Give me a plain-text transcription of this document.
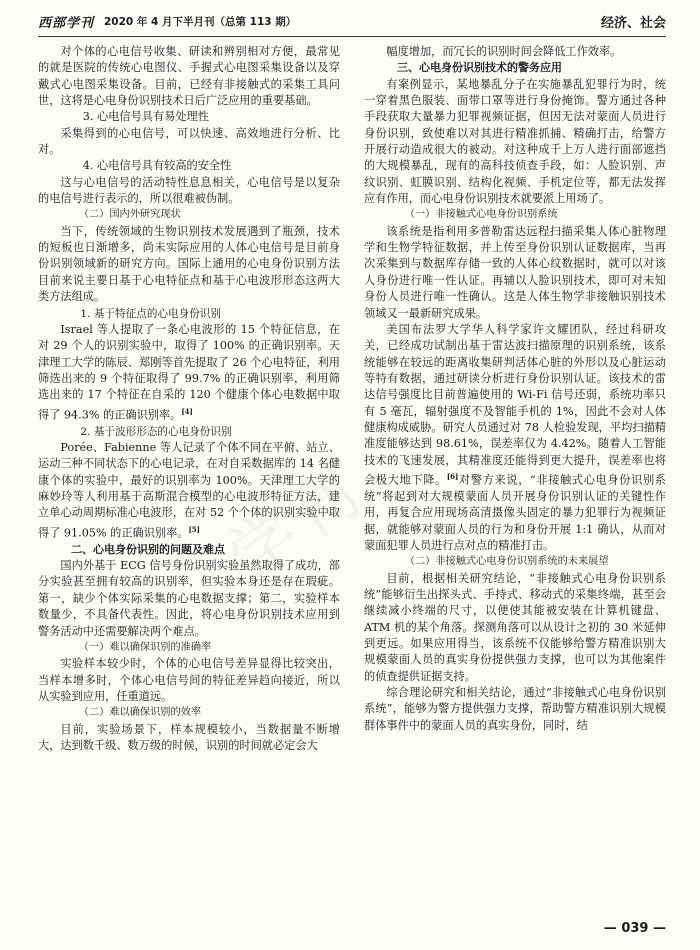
西部学刊 2020 年 4 月下半月刊（总第 113 期）	经济、社会

对个体的心电信号收集、研读和辨别相对方便，最常见的就是医院的传统心电图仪、手握式心电图采集设备以及穿戴式心电图采集设备。目前，已经有非接触式的采集工具问世，这将是心电身份识别技术日后广泛应用的重要基础。

3. 心电信号具有易处理性

采集得到的心电信号，可以快速、高效地进行分析、比对。

4. 心电信号具有较高的安全性

这与心电信号的活动特性息息相关，心电信号是以复杂的电信号进行表示的，所以很难被伪制。

（二）国内外研究现状

当下，传统领域的生物识别技术发展遇到了瓶颈，技术的短板也日渐增多，尚未实际应用的人体心电信号是目前身份识别领域新的研究方向。国际上通用的心电身份识别方法目前来说主要日基于心电特征点和基于心电波形形态这两大类方法组成。

1. 基于特征点的心电身份识别

Israel 等人提取了一条心电波形的 15 个特征信息，在对 29 个人的识别实验中，取得了 100% 的正确识别率。天津理工大学的陈辰、郑刚等首先提取了 26 个心电特征，利用筛选出来的 9 个特征取得了 99.7% 的正确识别率，利用筛选出来的 17 个特征在自采的 120 个健康个体心电数据中取得了 94.3% 的正确识别率。[4]

2. 基于波形形态的心电身份识别

Porée、Fabienne 等人记录了个体不同在平俯、站立、运动三种不同状态下的心电记录，在对自采数据库的 14 名健康个体的实验中，最好的识别率为 100%。天津理工大学的麻妙玲等人利用基于高斯混合模型的心电波形特征方法，建立单心动周期标准心电波形，在对 52 个个体的识别实验中取得了 91.05% 的正确识别率。[5]

二、心电身份识别的问题及难点

国内外基于 ECG 信号身份识别实验虽然取得了成功，部分实验甚至拥有较高的识别率，但实验本身还是存在瑕疵。第一，缺少个体实际采集的心电数据支撑；第二，实验样本数量少，不具备代表性。因此，将心电身份识别技术应用到警务活动中还需要解决两个难点。

（一）难以确保识别的准确率

实验样本较少时，个体的心电信号差异显得比较突出，当样本增多时，个体心电信号间的特征差异趋向接近，所以从实验到应用，任重道远。

（二）难以确保识别的效率

目前，实验场景下，样本规模较小，当数据量不断增大，达到数千级、数万级的时候，识别的时间就必定会大

幅度增加，而冗长的识别时间会降低工作效率。

三、心电身份识别技术的警务应用

有案例显示，某地暴乱分子在实施暴乱犯罪行为时，统一穿着黑色服装、面带口罩等进行身份掩饰。警方通过各种手段获取大量暴力犯罪视频证据，但因无法对蒙面人员进行身份识别，致使难以对其进行精准抓捕、精确打击，给警方开展行动造成很大的被动。对这种成千上万人进行面部遮挡的大规模暴乱，现有的高科技侦查手段，如：人脸识别、声纹识别、虹膜识别、结构化视频、手机定位等，都无法发挥应有作用，而心电身份识别技术就要派上用场了。

（一）非接触式心电身份识别系统

该系统是指利用多普勒雷达远程扫描采集人体心脏物理学和生物学特征数据，并上传至身份识别认证数据库，当再次采集到与数据库存储一致的人体心纹数据时，就可以对该人身份进行唯一性认证。再辅以人脸识别技术，即可对未知身份人员进行唯一性确认。这是人体生物学非接触识别技术领域又一最新研究成果。

美国布法罗大学华人科学家许文耀团队，经过科研攻关，已经成功试制出基于雷达波扫描原理的识别系统，该系统能够在较远的距离收集研判活体心脏的外形以及心脏运动等特有数据，通过研读分析进行身份识别认证。该技术的雷达信号强度比目前普遍使用的 Wi-Fi 信号还弱，系统功率只有 5 毫瓦，辐射强度不及智能手机的 1%，因此不会对人体健康构成威胁。研究人员通过对 78 人检验发现，平均扫描精准度能够达到 98.61%，误差率仅为 4.42%。随着人工智能技术的飞速发展，其精准度还能得到更大提升，误差率也将会极大地下降。[6]对警方来说，“非接触式心电身份识别系统”将起到对大规模蒙面人员开展身份识别认证的关键性作用，再复合应用现场高清摄像头固定的暴力犯罪行为视频证据，就能够对蒙面人员的行为和身份开展 1:1 确认，从而对蒙面犯罪人员进行点对点的精准打击。

（二）非接触式心电身份识别系统的未来展望

目前，根据相关研究结论，“非接触式心电身份识别系统”能够衍生出探头式、手持式、移动式的采集终端，甚至会继续减小终端的尺寸，以便使其能被安装在计算机键盘、ATM 机的某个角落。探测角落可以从设计之初的 30 米延伸到更远。如果应用得当，该系统不仅能够给警方精准识别大规模蒙面人员的真实身份提供强力支撑，也可以为其他案件的侦查提供证据支持。

综合理论研究和相关结论，通过“非接触式心电身份识别系统”，能够为警方提供强力支撑，帮助警方精准识别大规模群体事件中的蒙面人员的真实身份，同时，结

— 039 —
